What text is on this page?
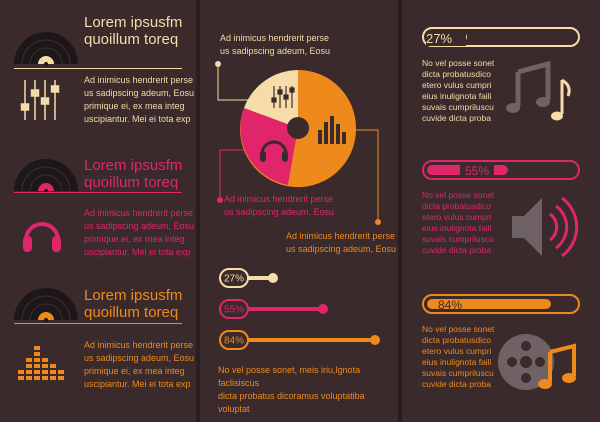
Lorem ipsusfm
quoillum toreq
Ad inimicus hendrerit perse
us sadipscing adeum, Eosu
primique ei, ex mea integ
uscipiantur. Mei ei tota exp
Lorem ipsusfm
quoillum toreq
Ad inimicus hendrerit perse
us sadipscing adeum, Eosu
primique ei, ex mea integ
uscipiantur. Mei ei tota exp
Lorem ipsusfm
quoillum toreq
Ad inimicus hendrerit perse
us sadipscing adeum, Eosu
primique ei, ex mea integ
uscipiantur. Mei ei tota exp
Ad inimicus hendrerit perse
us sadipscing adeum, Eosu
Ad inimicus hendrerit perse
us sadipscing adeum, Eosu
Ad inimicus hendrerit perse
us sadipscing adeum, Eosu
27%
55%
84%
No vel posse sonet, meis iriu,lgnota faclisiscus
dicta probatus dicoramus voluptatiba voluptat
27%
No vel posse sonet
dicta probatusdico
etero vulus cumpri
eius inulignota faili
suvais cumpriluscu
cuvide dicta proba
55%
No vel posse sonet
dicta probatusdico
etero vulus cumpri
eius inulignota faili
suvais cumpriluscu
cuvide dicta proba
84%
No vel posse sonet
dicta probatusdico
etero vulus cumpri
eius inulignota faili
suvais cumpriluscu
cuvide dicta proba
